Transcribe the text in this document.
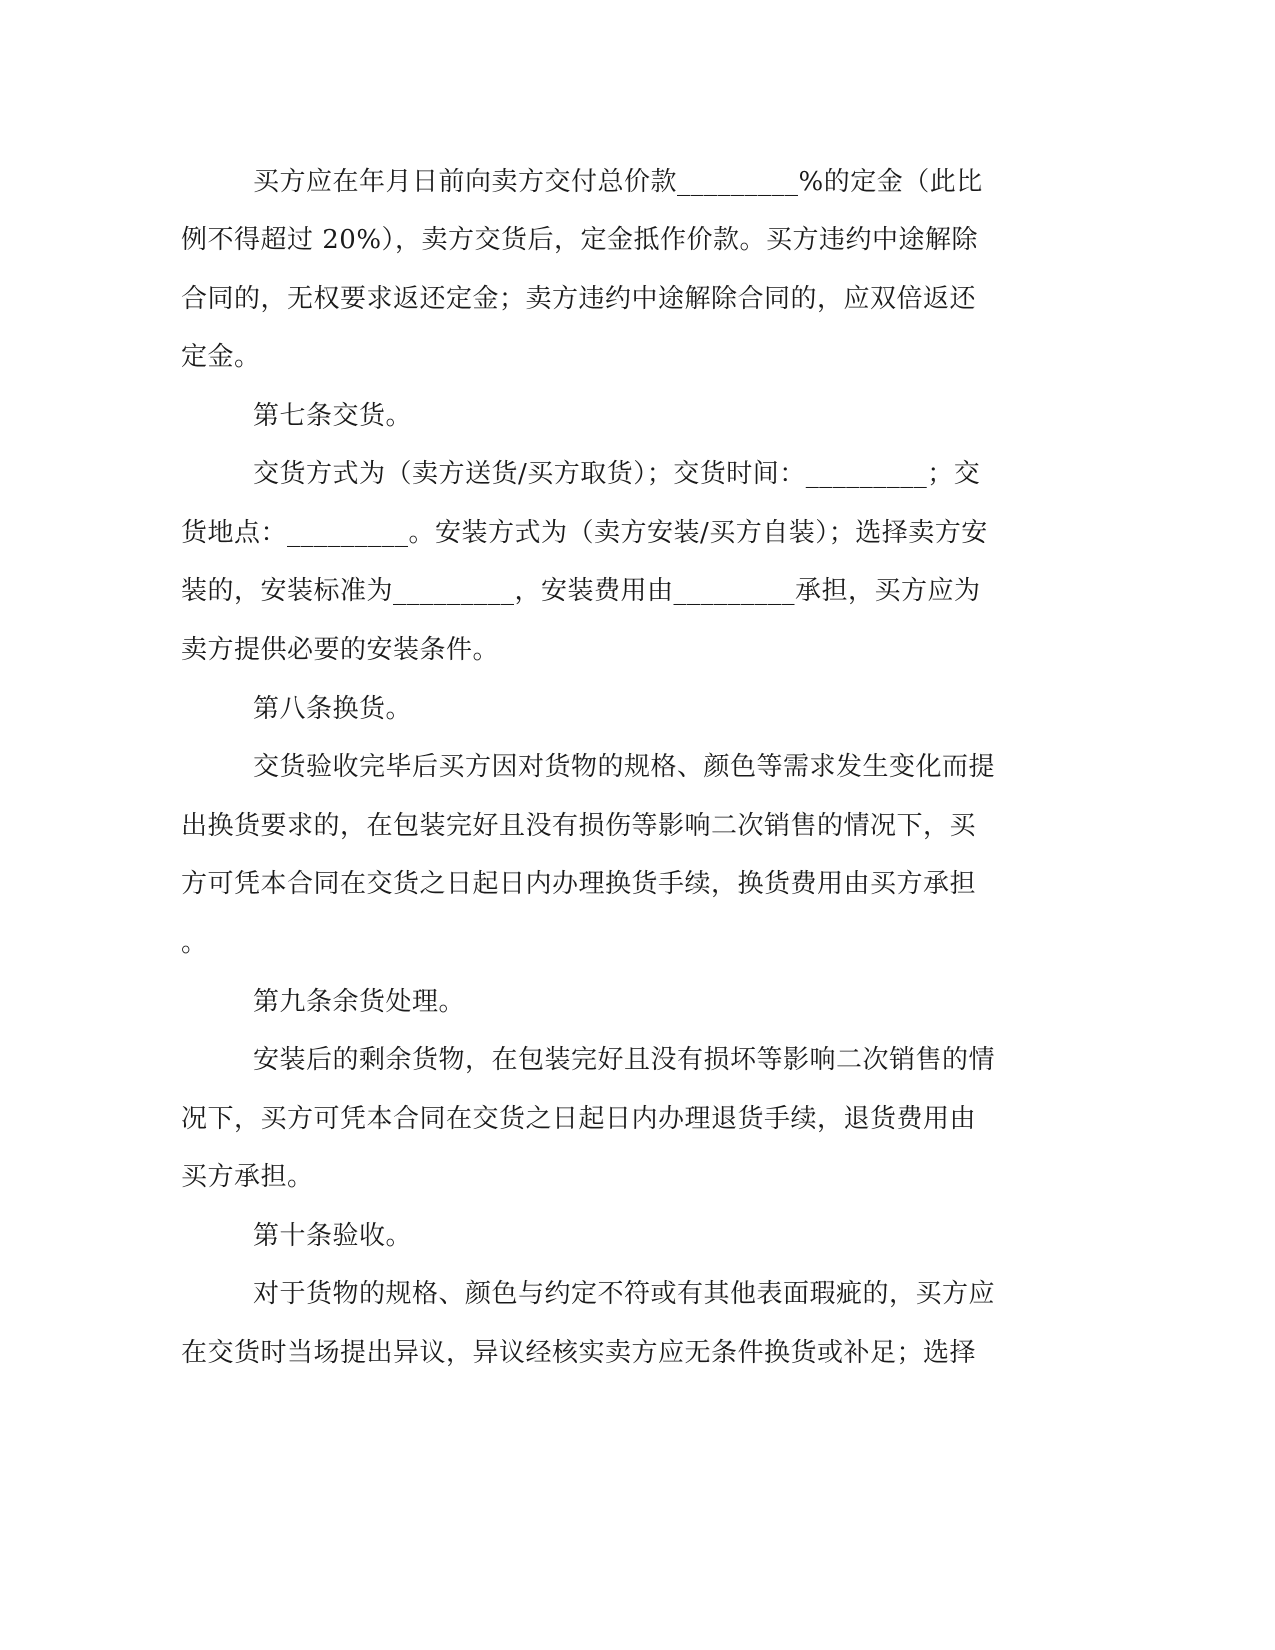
买方应在年月日前向卖方交付总价款_________%的定金（此比
例不得超过 20%），卖方交货后，定金抵作价款。买方违约中途解除
合同的，无权要求返还定金；卖方违约中途解除合同的，应双倍返还
定金。
第七条交货。
交货方式为（卖方送货/买方取货）；交货时间：_________；交
货地点：_________。安装方式为（卖方安装/买方自装）；选择卖方安
装的，安装标准为_________，安装费用由_________承担，买方应为
卖方提供必要的安装条件。
第八条换货。
交货验收完毕后买方因对货物的规格、颜色等需求发生变化而提
出换货要求的，在包装完好且没有损伤等影响二次销售的情况下，买
方可凭本合同在交货之日起日内办理换货手续，换货费用由买方承担
。
第九条余货处理。
安装后的剩余货物，在包装完好且没有损坏等影响二次销售的情
况下，买方可凭本合同在交货之日起日内办理退货手续，退货费用由
买方承担。
第十条验收。
对于货物的规格、颜色与约定不符或有其他表面瑕疵的，买方应
在交货时当场提出异议，异议经核实卖方应无条件换货或补足；选择
